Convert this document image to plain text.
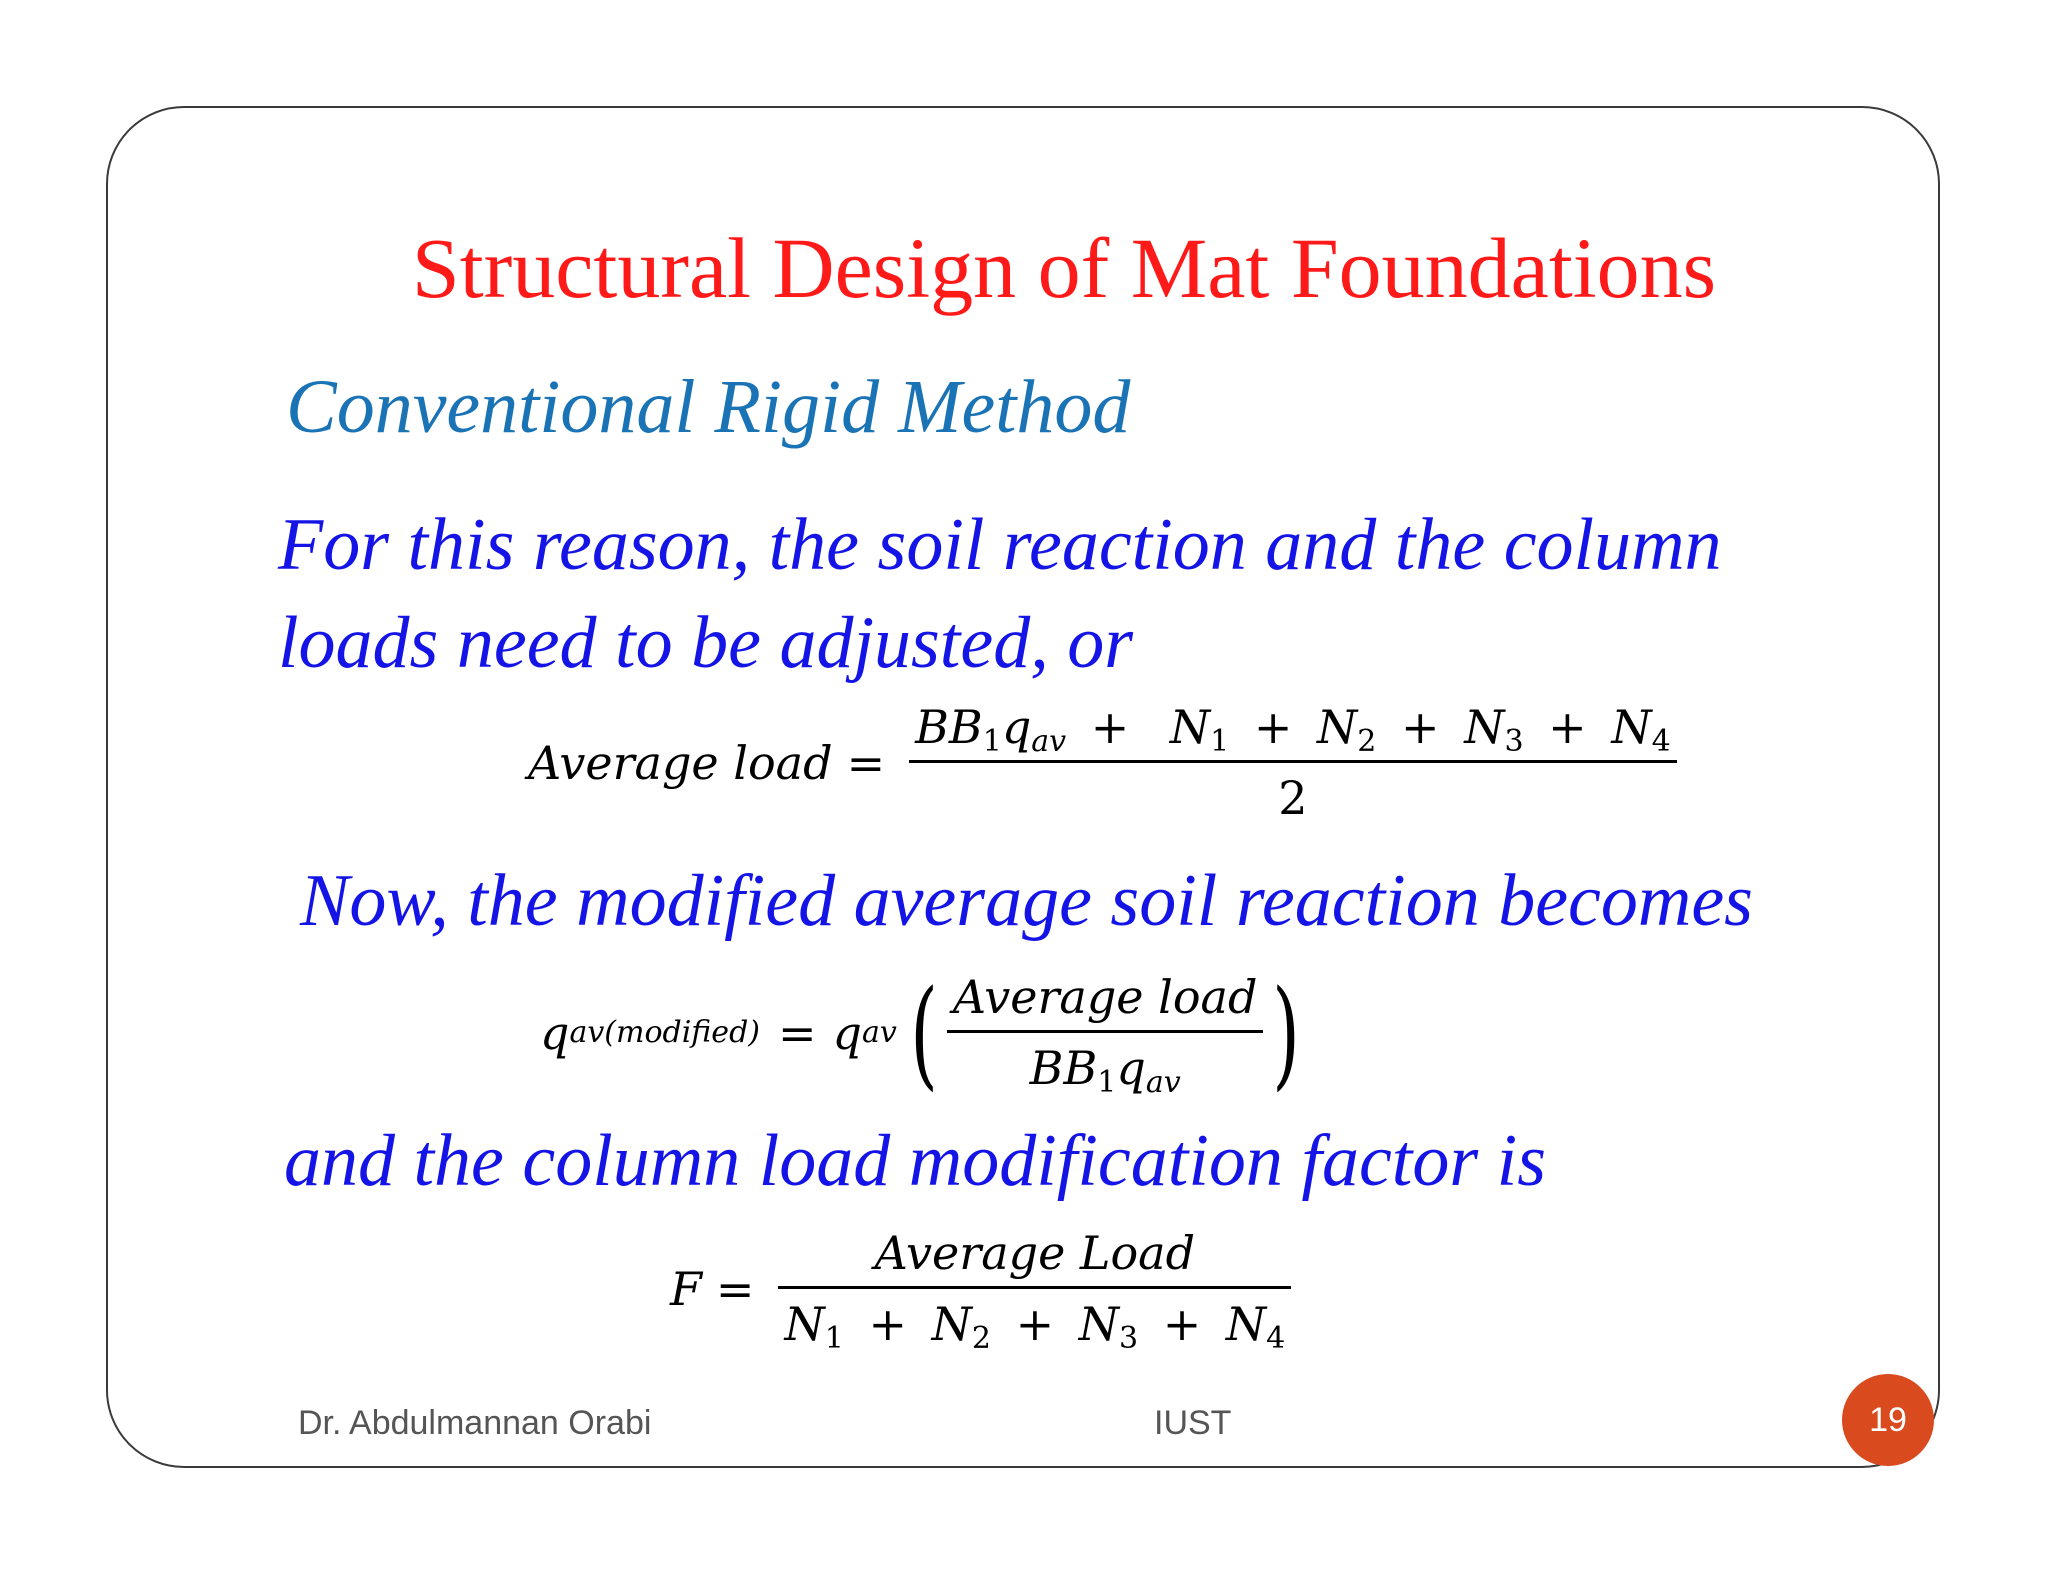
Structural Design of Mat Foundations
Conventional Rigid Method
For this reason, the soil reaction and the column
loads need to be adjusted, or
Average load =
$BB_1q_{av} + N_1 + N_2 + N_3 + N_4$
2
Now, the modified average soil reaction becomes
q av(modified) = q av ( $\frac{\text{Average load}}{BB_1q_{av}}$ )
and the column load modification factor is
$F = \frac{\text{Average Load}}{N_1 + N_2 + N_3 + N_4}$
Dr. Abdulmannan Orabi	IUST	19
